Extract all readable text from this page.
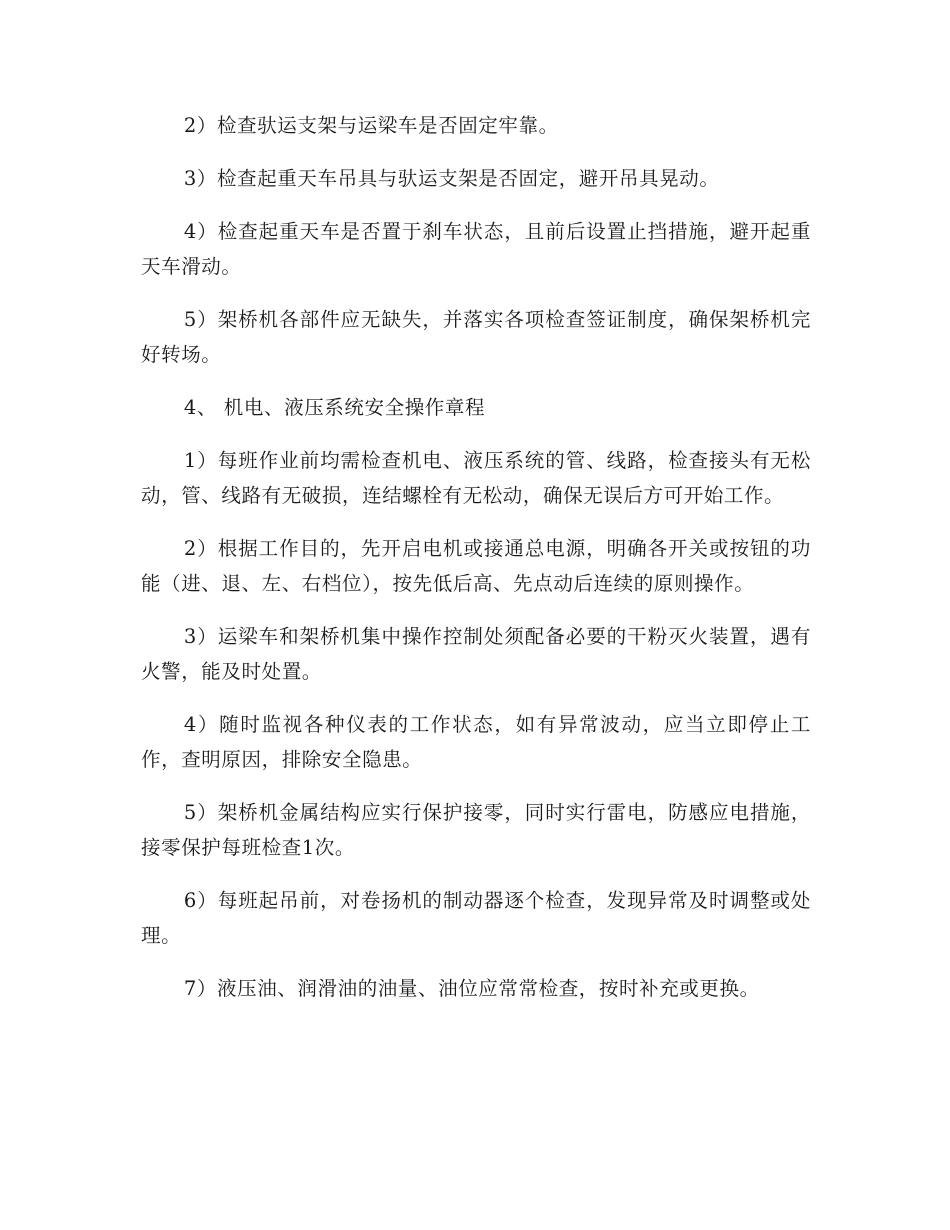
2）检查驮运支架与运梁车是否固定牢靠。

3）检查起重天车吊具与驮运支架是否固定，避开吊具晃动。

4）检查起重天车是否置于刹车状态，且前后设置止挡措施，避开起重天车滑动。

5）架桥机各部件应无缺失，并落实各项检查签证制度，确保架桥机完好转场。

4、 机电、液压系统安全操作章程

1）每班作业前均需检查机电、液压系统的管、线路，检查接头有无松动，管、线路有无破损，连结螺栓有无松动，确保无误后方可开始工作。

2）根据工作目的，先开启电机或接通总电源，明确各开关或按钮的功能（进、退、左、右档位），按先低后高、先点动后连续的原则操作。

3）运梁车和架桥机集中操作控制处须配备必要的干粉灭火装置，遇有火警，能及时处置。

4）随时监视各种仪表的工作状态，如有异常波动，应当立即停止工作，查明原因，排除安全隐患。

5）架桥机金属结构应实行保护接零，同时实行雷电，防感应电措施，接零保护每班检查1次。

6）每班起吊前，对卷扬机的制动器逐个检查，发现异常及时调整或处理。

7）液压油、润滑油的油量、油位应常常检查，按时补充或更换。
